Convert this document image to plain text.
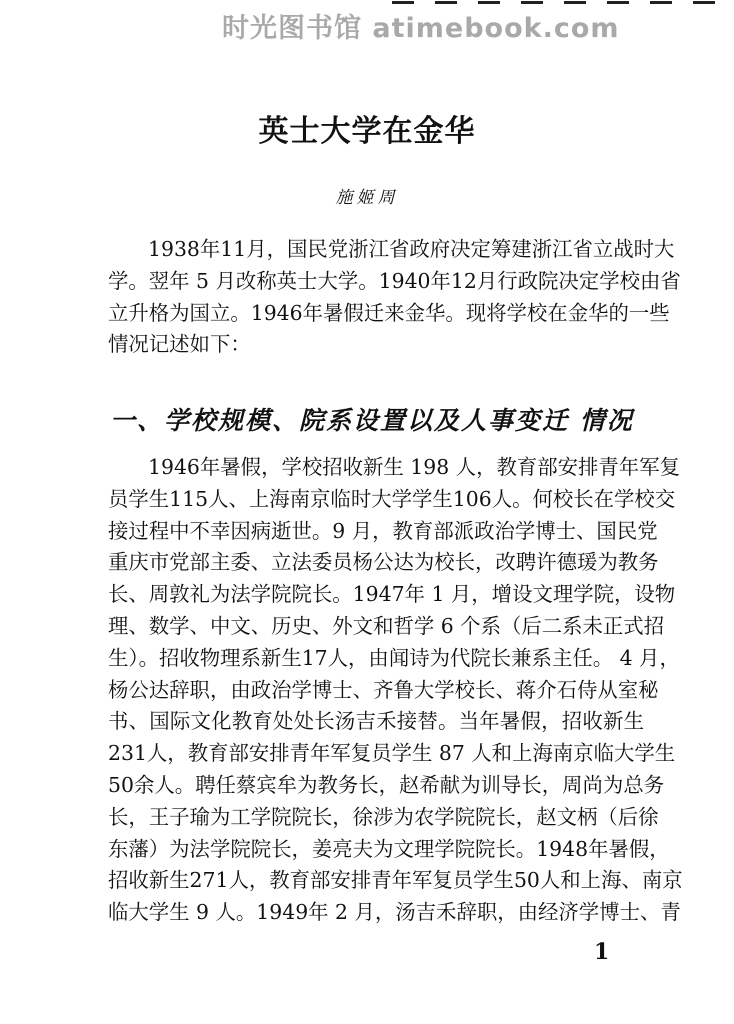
时光图书馆 atimebook.com
英士大学在金华
施姬周
1938年11月，国民党浙江省政府决定筹建浙江省立战时大
学。翌年 5 月改称英士大学。1940年12月行政院决定学校由省
立升格为国立。1946年暑假迁来金华。现将学校在金华的一些
情况记述如下：
一、学校规模、院系设置以及人事变迁 情况
1946年暑假，学校招收新生 198 人，教育部安排青年军复
员学生115人、上海南京临时大学学生106人。何校长在学校交
接过程中不幸因病逝世。9 月，教育部派政治学博士、国民党
重庆市党部主委、立法委员杨公达为校长，改聘许德瑗为教务
长、周敦礼为法学院院长。1947年 1 月，增设文理学院，设物
理、数学、中文、历史、外文和哲学 6 个系（后二系未正式招
生）。招收物理系新生17人，由闻诗为代院长兼系主任。 4 月，
杨公达辞职，由政治学博士、齐鲁大学校长、蒋介石侍从室秘
书、国际文化教育处处长汤吉禾接替。当年暑假，招收新生
231人，教育部安排青年军复员学生 87 人和上海南京临大学生
50余人。聘任蔡宾牟为教务长，赵希献为训导长，周尚为总务
长，王子瑜为工学院院长，徐涉为农学院院长，赵文柄（后徐
东藩）为法学院院长，姜亮夫为文理学院院长。1948年暑假，
招收新生271人，教育部安排青年军复员学生50人和上海、南京
临大学生 9 人。1949年 2 月，汤吉禾辞职，由经济学博士、青
1
